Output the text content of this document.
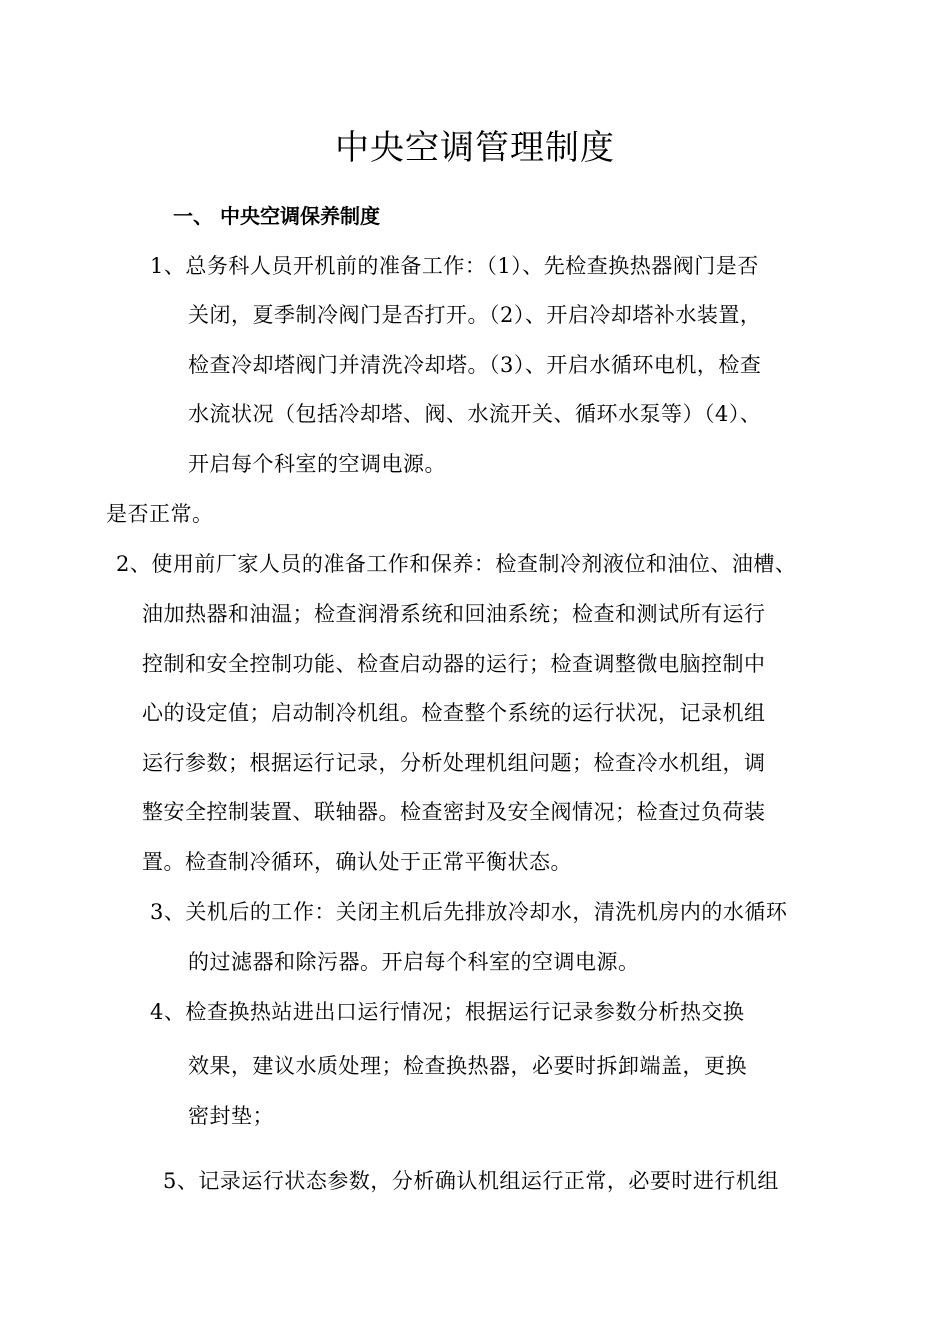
中央空调管理制度
一、 中央空调保养制度
1、总务科人员开机前的准备工作：（1）、先检查换热器阀门是否
关闭，夏季制冷阀门是否打开。（2）、开启冷却塔补水装置，
检查冷却塔阀门并清洗冷却塔。（3）、开启水循环电机，检查
水流状况（包括冷却塔、阀、水流开关、循环水泵等）（4）、
开启每个科室的空调电源。
是否正常。
2、使用前厂家人员的准备工作和保养：检查制冷剂液位和油位、油槽、
油加热器和油温；检查润滑系统和回油系统；检查和测试所有运行
控制和安全控制功能、检查启动器的运行；检查调整微电脑控制中
心的设定值；启动制冷机组。检查整个系统的运行状况，记录机组
运行参数；根据运行记录，分析处理机组问题；检查冷水机组，调
整安全控制装置、联轴器。检查密封及安全阀情况；检查过负荷装
置。检查制冷循环，确认处于正常平衡状态。
3、关机后的工作：关闭主机后先排放冷却水，清洗机房内的水循环
的过滤器和除污器。开启每个科室的空调电源。
4、检查换热站进出口运行情况；根据运行记录参数分析热交换
效果，建议水质处理；检查换热器，必要时拆卸端盖，更换
密封垫；
5、记录运行状态参数，分析确认机组运行正常，必要时进行机组
